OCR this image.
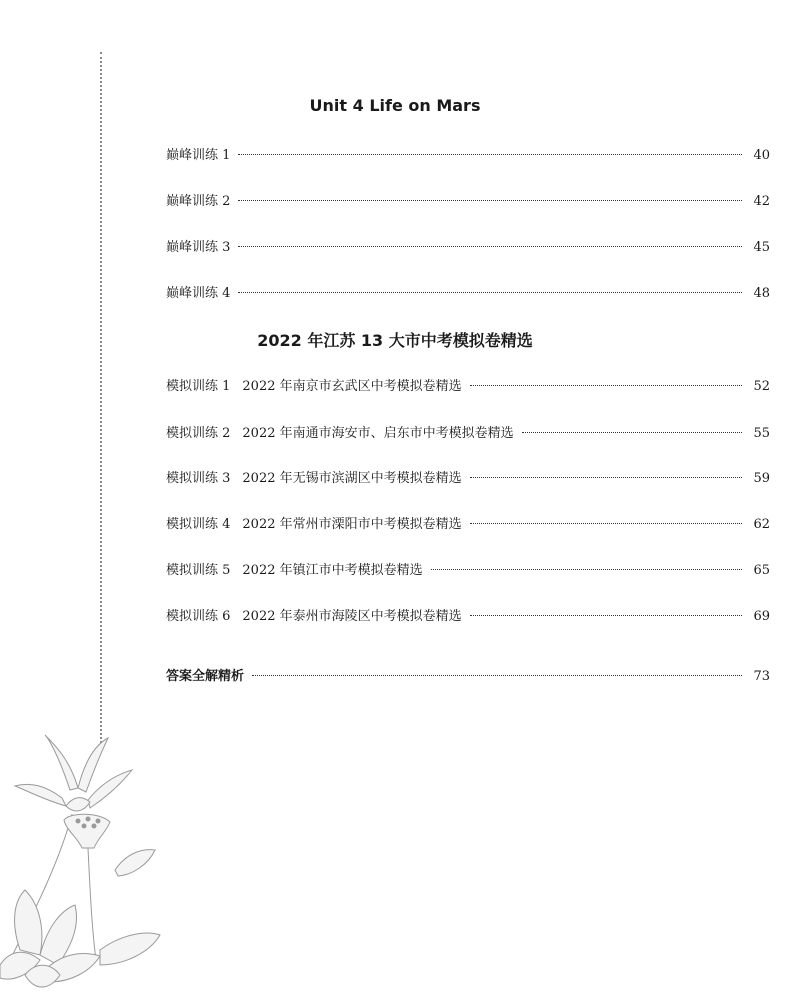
Unit 4 Life on Mars
巅峰训练 1	40
巅峰训练 2	42
巅峰训练 3	45
巅峰训练 4	48
2022 年江苏 13 大市中考模拟卷精选
模拟训练 1 2022 年南京市玄武区中考模拟卷精选	52
模拟训练 2 2022 年南通市海安市、启东市中考模拟卷精选	55
模拟训练 3 2022 年无锡市滨湖区中考模拟卷精选	59
模拟训练 4 2022 年常州市溧阳市中考模拟卷精选	62
模拟训练 5 2022 年镇江市中考模拟卷精选	65
模拟训练 6 2022 年泰州市海陵区中考模拟卷精选	69
答案全解精析	73
